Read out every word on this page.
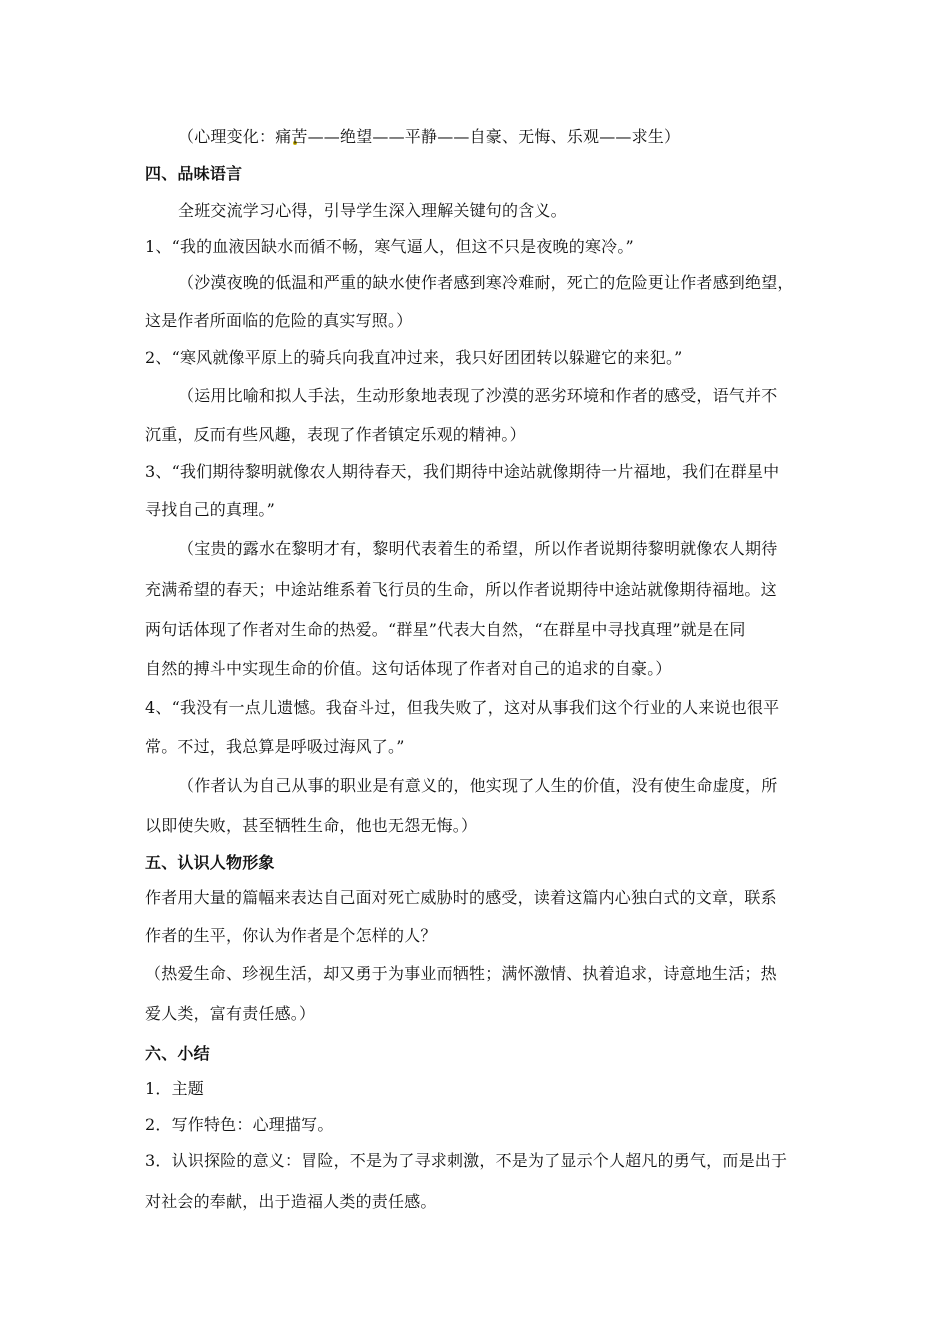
（心理变化：痛苦——绝望——平静——自豪、无悔、乐观——求生）
四、品味语言
全班交流学习心得，引导学生深入理解关键句的含义。
1、“我的血液因缺水而循不畅，寒气逼人，但这不只是夜晚的寒冷。”
（沙漠夜晚的低温和严重的缺水使作者感到寒冷难耐，死亡的危险更让作者感到绝望，
这是作者所面临的危险的真实写照。）
2、“寒风就像平原上的骑兵向我直冲过来，我只好团团转以躲避它的来犯。”
（运用比喻和拟人手法，生动形象地表现了沙漠的恶劣环境和作者的感受，语气并不
沉重，反而有些风趣，表现了作者镇定乐观的精神。）
3、“我们期待黎明就像农人期待春天，我们期待中途站就像期待一片福地，我们在群星中
寻找自己的真理。”
（宝贵的露水在黎明才有，黎明代表着生的希望，所以作者说期待黎明就像农人期待
充满希望的春天；中途站维系着飞行员的生命，所以作者说期待中途站就像期待福地。这
两句话体现了作者对生命的热爱。“群星”代表大自然，“在群星中寻找真理”就是在同
自然的搏斗中实现生命的价值。这句话体现了作者对自己的追求的自豪。）
4、“我没有一点儿遗憾。我奋斗过，但我失败了，这对从事我们这个行业的人来说也很平
常。不过，我总算是呼吸过海风了。”
（作者认为自己从事的职业是有意义的，他实现了人生的价值，没有使生命虚度，所
以即使失败，甚至牺牲生命，他也无怨无悔。）
五、认识人物形象
作者用大量的篇幅来表达自己面对死亡威胁时的感受，读着这篇内心独白式的文章，联系
作者的生平，你认为作者是个怎样的人？
（热爱生命、珍视生活，却又勇于为事业而牺牲；满怀激情、执着追求，诗意地生活；热
爱人类，富有责任感。）
六、小结
1．主题
2．写作特色：心理描写。
3．认识探险的意义：冒险，不是为了寻求刺激，不是为了显示个人超凡的勇气，而是出于
对社会的奉献，出于造福人类的责任感。
